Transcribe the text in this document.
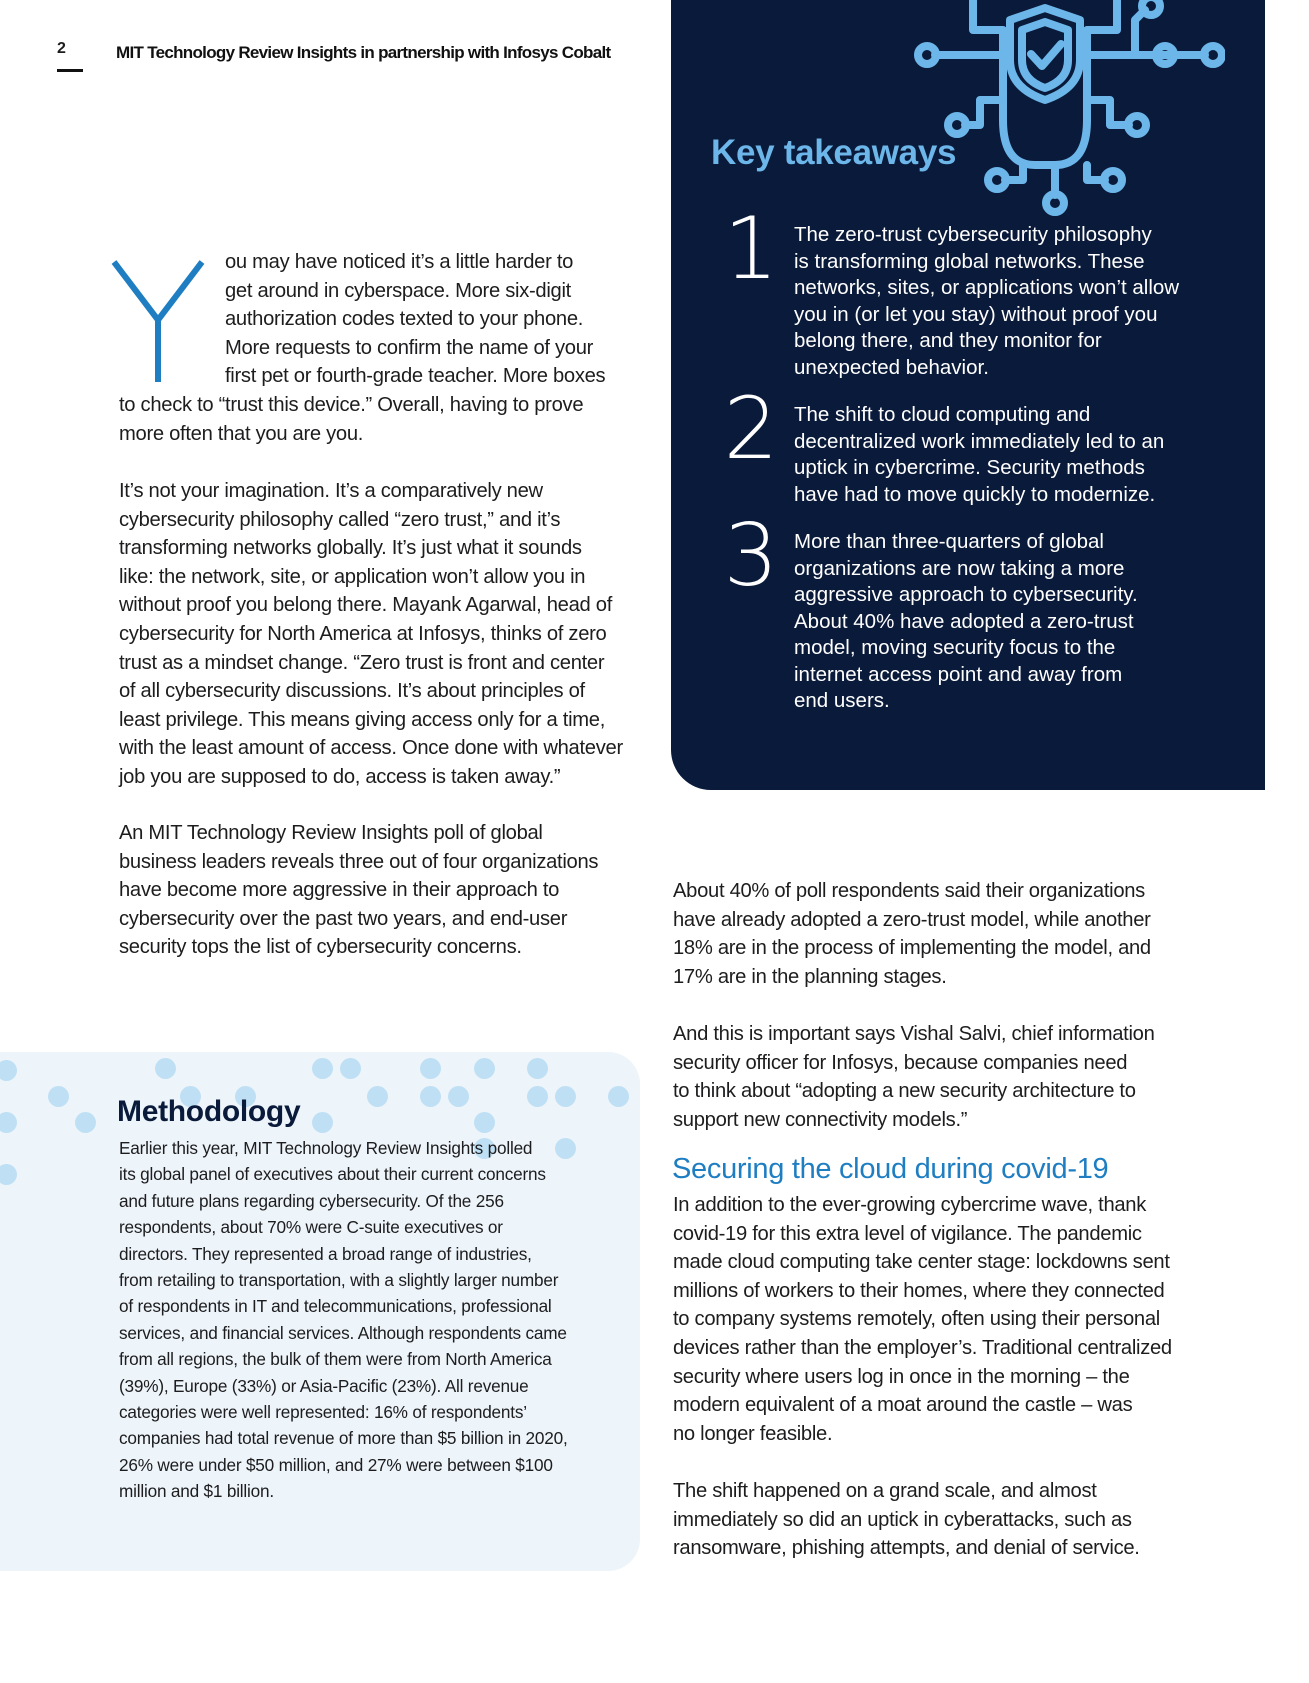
2	MIT Technology Review Insights in partnership with Infosys Cobalt
Key takeaways
1 The zero-trust cybersecurity philosophy
is transforming global networks. These
networks, sites, or applications won’t allow
you in (or let you stay) without proof you
belong there, and they monitor for
unexpected behavior.
2 The shift to cloud computing and
decentralized work immediately led to an
uptick in cybercrime. Security methods
have had to move quickly to modernize.
3 More than three-quarters of global
organizations are now taking a more
aggressive approach to cybersecurity.
About 40% have adopted a zero-trust
model, moving security focus to the
internet access point and away from
end users.
Y	ou may have noticed it’s a little harder to
get around in cyberspace. More six-digit
authorization codes texted to your phone.
More requests to confirm the name of your
first pet or fourth-grade teacher. More boxes
to check to “trust this device.” Overall, having to prove
more often that you are you.
It’s not your imagination. It’s a comparatively new
cybersecurity philosophy called “zero trust,” and it’s
transforming networks globally. It’s just what it sounds
like: the network, site, or application won’t allow you in
without proof you belong there. Mayank Agarwal, head of
cybersecurity for North America at Infosys, thinks of zero
trust as a mindset change. “Zero trust is front and center
of all cybersecurity discussions. It’s about principles of
least privilege. This means giving access only for a time,
with the least amount of access. Once done with whatever
job you are supposed to do, access is taken away.”
An MIT Technology Review Insights poll of global
business leaders reveals three out of four organizations
have become more aggressive in their approach to
cybersecurity over the past two years, and end-user
security tops the list of cybersecurity concerns.
Methodology
Earlier this year, MIT Technology Review Insights polled
its global panel of executives about their current concerns
and future plans regarding cybersecurity. Of the 256
respondents, about 70% were C-suite executives or
directors. They represented a broad range of industries,
from retailing to transportation, with a slightly larger number
of respondents in IT and telecommunications, professional
services, and financial services. Although respondents came
from all regions, the bulk of them were from North America
(39%), Europe (33%) or Asia-Pacific (23%). All revenue
categories were well represented: 16% of respondents’
companies had total revenue of more than $5 billion in 2020,
26% were under $50 million, and 27% were between $100
million and $1 billion.
About 40% of poll respondents said their organizations
have already adopted a zero-trust model, while another
18% are in the process of implementing the model, and
17% are in the planning stages.
And this is important says Vishal Salvi, chief information
security officer for Infosys, because companies need
to think about “adopting a new security architecture to
support new connectivity models.”
Securing the cloud during covid-19
In addition to the ever-growing cybercrime wave, thank
covid-19 for this extra level of vigilance. The pandemic
made cloud computing take center stage: lockdowns sent
millions of workers to their homes, where they connected
to company systems remotely, often using their personal
devices rather than the employer’s. Traditional centralized
security where users log in once in the morning – the
modern equivalent of a moat around the castle – was
no longer feasible.
The shift happened on a grand scale, and almost
immediately so did an uptick in cyberattacks, such as
ransomware, phishing attempts, and denial of service.
